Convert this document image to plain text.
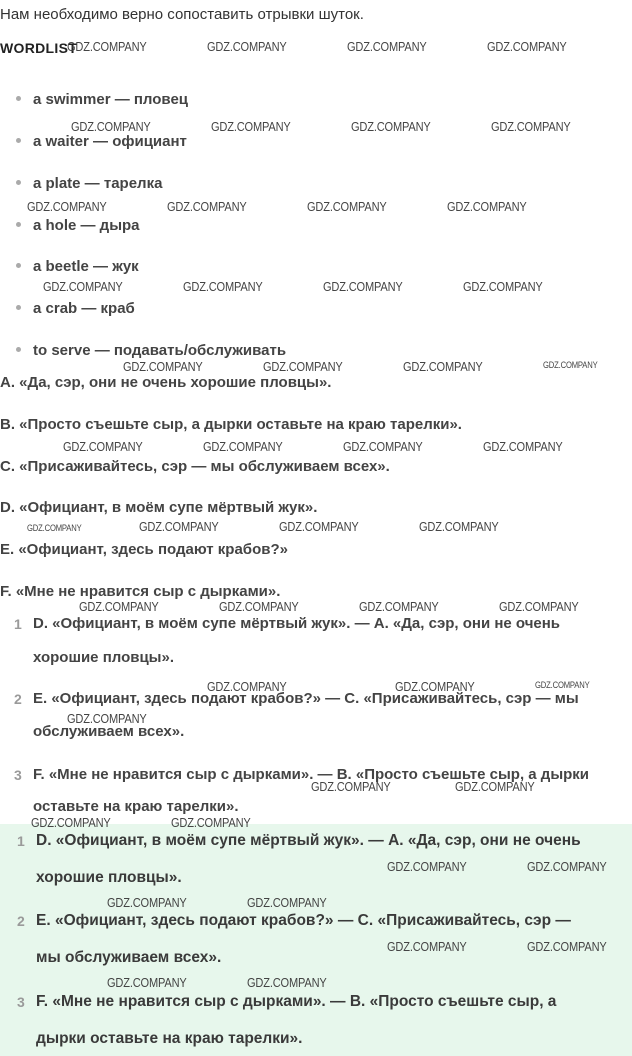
Нам необходимо верно сопоставить отрывки шуток.
WORDLIST
a swimmer — пловец
a waiter — официант
a plate — тарелка
a hole — дыра
a beetle — жук
a crab — краб
to serve — подавать/обслуживать
A. «Да, сэр, они не очень хорошие пловцы».
B. «Просто съешьте сыр, а дырки оставьте на краю тарелки».
C. «Присаживайтесь, сэр — мы обслуживаем всех».
D. «Официант, в моём супе мёртвый жук».
E. «Официант, здесь подают крабов?»
F. «Мне не нравится сыр с дырками».
1 D. «Официант, в моём супе мёртвый жук». — A. «Да, сэр, они не очень
хорошие пловцы».
2 E. «Официант, здесь подают крабов?» — C. «Присаживайтесь, сэр — мы
обслуживаем всех».
3 F. «Мне не нравится сыр с дырками». — B. «Просто съешьте сыр, а дырки
оставьте на краю тарелки».
1 D. «Официант, в моём супе мёртвый жук». — A. «Да, сэр, они не очень
хорошие пловцы».
2 E. «Официант, здесь подают крабов?» — C. «Присаживайтесь, сэр —
мы обслуживаем всех».
3 F. «Мне не нравится сыр с дырками». — B. «Просто съешьте сыр, а
дырки оставьте на краю тарелки».
GDZ.COMPANY	GDZ.COMPANY	GDZ.COMPANY	GDZ.COMPANY
GDZ.COMPANY	GDZ.COMPANY	GDZ.COMPANY	GDZ.COMPANY
GDZ.COMPANY	GDZ.COMPANY	GDZ.COMPANY	GDZ.COMPANY
GDZ.COMPANY	GDZ.COMPANY	GDZ.COMPANY	GDZ.COMPANY
GDZ.COMPANY	GDZ.COMPANY	GDZ.COMPANY	GDZ.COMPANY
GDZ.COMPANY	GDZ.COMPANY	GDZ.COMPANY	GDZ.COMPANY
GDZ.COMPANY	GDZ.COMPANY	GDZ.COMPANY	GDZ.COMPANY
GDZ.COMPANY	GDZ.COMPANY	GDZ.COMPANY	GDZ.COMPANY
GDZ.COMPANY	GDZ.COMPANY	GDZ.COMPANY
GDZ.COMPANY
GDZ.COMPANY	GDZ.COMPANY
GDZ.COMPANY	GDZ.COMPANY
GDZ.COMPANY	GDZ.COMPANY
GDZ.COMPANY	GDZ.COMPANY
GDZ.COMPANY	GDZ.COMPANY
GDZ.COMPANY	GDZ.COMPANY
